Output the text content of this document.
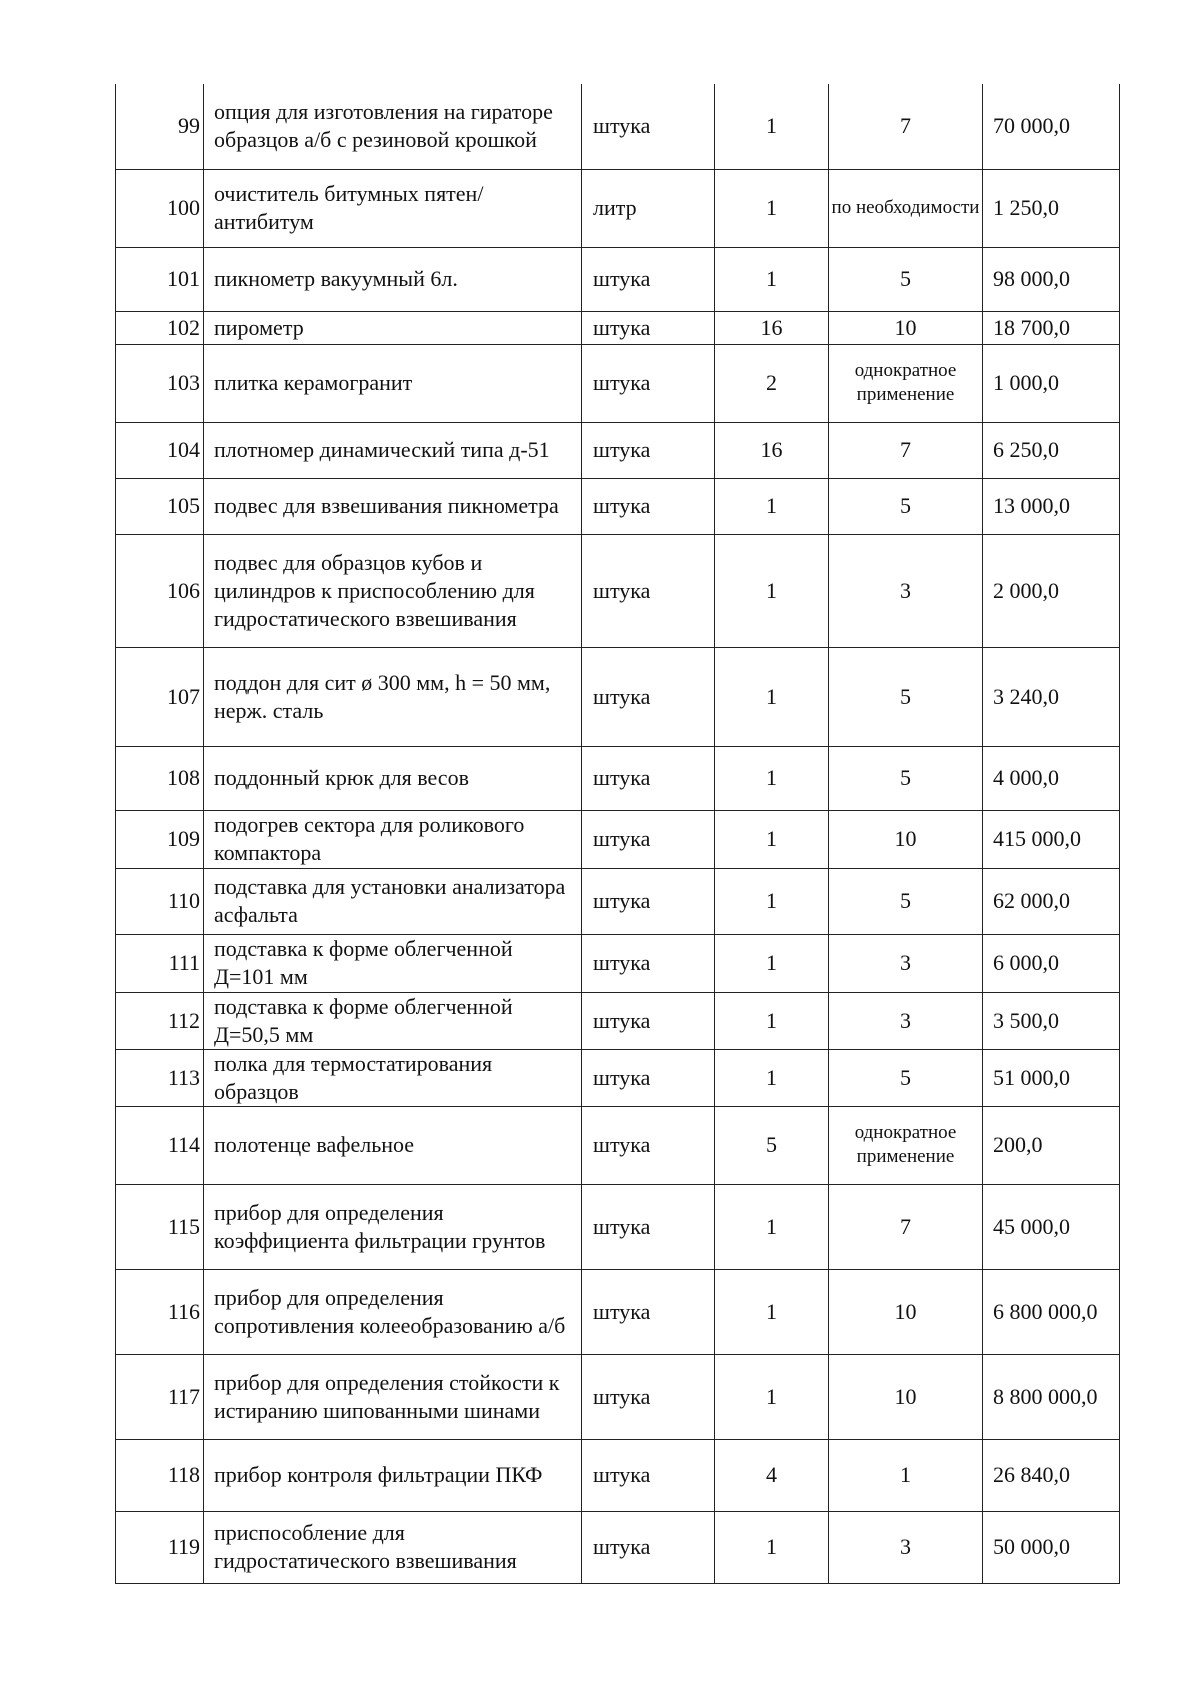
99	опция для изготовления на гираторе образцов а/б с резиновой крошкой	штука	1	7	70 000,0
100	очиститель битумных пятен/антибитум	литр	1	по необходимости	1 250,0
101	пикнометр вакуумный 6л.	штука	1	5	98 000,0
102	пирометр	штука	16	10	18 700,0
103	плитка керамогранит	штука	2	однократное применение	1 000,0
104	плотномер динамический типа д-51	штука	16	7	6 250,0
105	подвес для взвешивания пикнометра	штука	1	5	13 000,0
106	подвес для образцов кубов и цилиндров к приспособлению для гидростатического взвешивания	штука	1	3	2 000,0
107	поддон для сит ø 300 мм, h = 50 мм, нерж. сталь	штука	1	5	3 240,0
108	поддонный крюк для весов	штука	1	5	4 000,0
109	подогрев сектора для роликового компактора	штука	1	10	415 000,0
110	подставка для установки анализатора асфальта	штука	1	5	62 000,0
111	подставка к форме облегченной Д=101 мм	штука	1	3	6 000,0
112	подставка к форме облегченной Д=50,5 мм	штука	1	3	3 500,0
113	полка для термостатирования образцов	штука	1	5	51 000,0
114	полотенце вафельное	штука	5	однократное применение	200,0
115	прибор для определения коэффициента фильтрации грунтов	штука	1	7	45 000,0
116	прибор для определения сопротивления колееобразованию а/б	штука	1	10	6 800 000,0
117	прибор для определения стойкости к истиранию шипованными шинами	штука	1	10	8 800 000,0
118	прибор контроля фильтрации ПКФ	штука	4	1	26 840,0
119	приспособление для гидростатического взвешивания	штука	1	3	50 000,0
